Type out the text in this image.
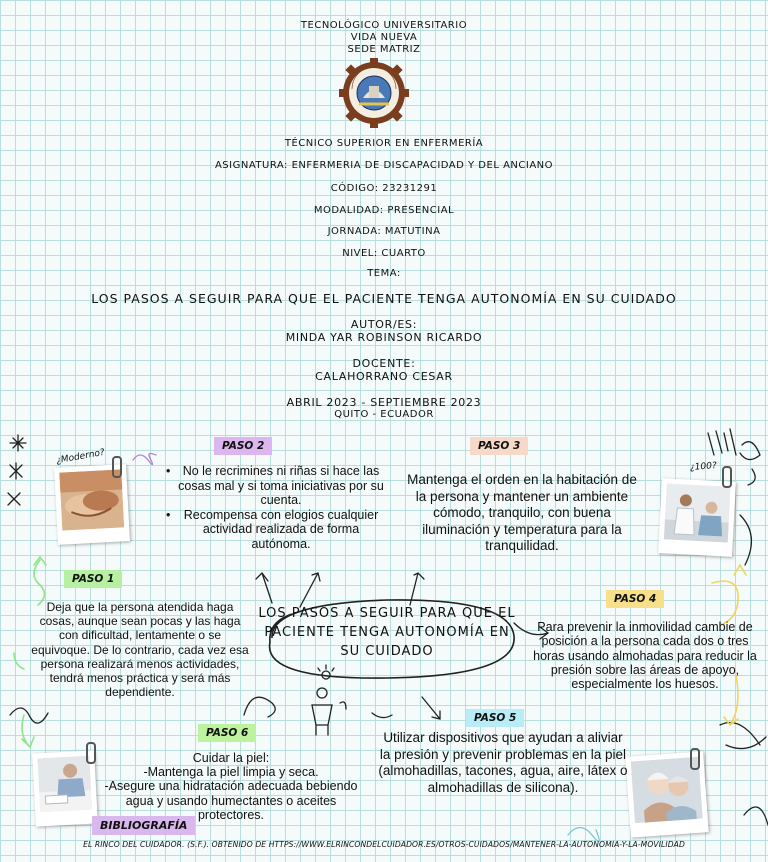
TECNOLÓGICO UNIVERSITARIO
VIDA NUEVA
SEDE MATRIZ
TÉCNICO SUPERIOR EN ENFERMERÍA
ASIGNATURA: ENFERMERIA DE DISCAPACIDAD Y DEL ANCIANO
CÓDIGO: 23231291
MODALIDAD: PRESENCIAL
JORNADA: MATUTINA
NIVEL: CUARTO
TEMA:
LOS PASOS A SEGUIR PARA QUE EL PACIENTE TENGA AUTONOMÍA EN SU CUIDADO
AUTOR/ES:
MINDA YAR ROBINSON RICARDO
DOCENTE:
CALAHORRANO CESAR
ABRIL 2023 - SEPTIEMBRE 2023
QUITO - ECUADOR
¿Moderno?
¿100?
PASO 2
• No le recrimines ni riñas si hace las cosas mal y si toma iniciativas por su cuenta.
• Recompensa con elogios cualquier actividad realizada de forma autónoma.
PASO 3
Mantenga el orden en la habitación de la persona y mantener un ambiente cómodo, tranquilo, con buena iluminación y temperatura para la tranquilidad.
PASO 1
Deja que la persona atendida haga cosas, aunque sean pocas y las haga con dificultad, lentamente o se equivoque. De lo contrario, cada vez esa persona realizará menos actividades, tendrá menos práctica y será más dependiente.
LOS PASOS A SEGUIR PARA QUE EL PACIENTE TENGA AUTONOMÍA EN SU CUIDADO
PASO 4
Para prevenir la inmovilidad cambie de posición a la persona cada dos o tres horas usando almohadas para reducir la presión sobre las áreas de apoyo, especialmente los huesos.
PASO 5
Utilizar dispositivos que ayudan a aliviar la presión y prevenir problemas en la piel (almohadillas, tacones, agua, aire, látex o almohadillas de silicona).
PASO 6
Cuidar la piel:
-Mantenga la piel limpia y seca.
-Asegure una hidratación adecuada bebiendo agua y usando humectantes o aceites protectores.
BIBLIOGRAFÍA
EL RINCO DEL CUIDADOR. (S.F.). OBTENIDO DE HTTPS://WWW.ELRINCONDELCUIDADOR.ES/OTROS-CUIDADOS/MANTENER-LA-AUTONOMIA-Y-LA-MOVILIDAD
